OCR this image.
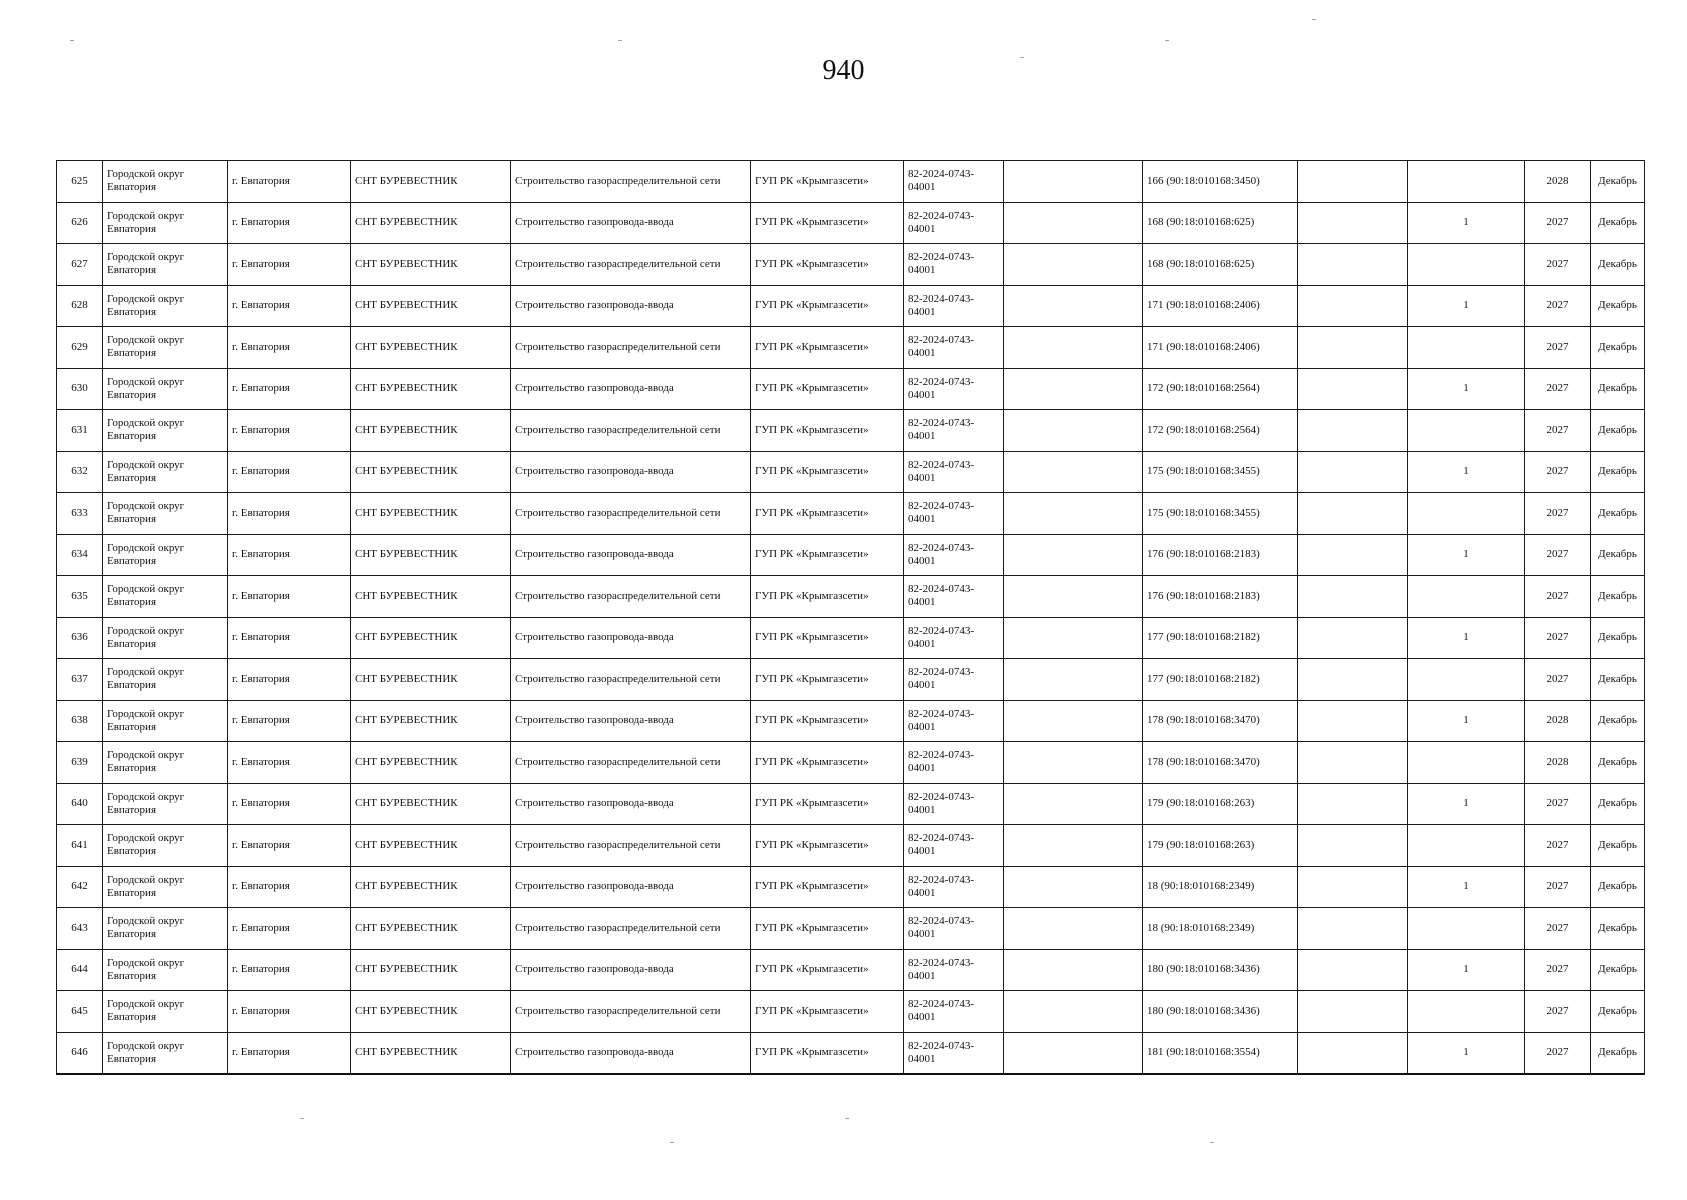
940
625	Городской округ Евпатория	г. Евпатория	СНТ БУРЕВЕСТНИК	Строительство газораспределительной сети	ГУП РК «Крымгазсети»	82-2024-0743-04001		166 (90:18:010168:3450)			2028	Декабрь
626	Городской округ Евпатория	г. Евпатория	СНТ БУРЕВЕСТНИК	Строительство газопровода-ввода	ГУП РК «Крымгазсети»	82-2024-0743-04001		168 (90:18:010168:625)		1	2027	Декабрь
627	Городской округ Евпатория	г. Евпатория	СНТ БУРЕВЕСТНИК	Строительство газораспределительной сети	ГУП РК «Крымгазсети»	82-2024-0743-04001		168 (90:18:010168:625)			2027	Декабрь
628	Городской округ Евпатория	г. Евпатория	СНТ БУРЕВЕСТНИК	Строительство газопровода-ввода	ГУП РК «Крымгазсети»	82-2024-0743-04001		171 (90:18:010168:2406)		1	2027	Декабрь
629	Городской округ Евпатория	г. Евпатория	СНТ БУРЕВЕСТНИК	Строительство газораспределительной сети	ГУП РК «Крымгазсети»	82-2024-0743-04001		171 (90:18:010168:2406)			2027	Декабрь
630	Городской округ Евпатория	г. Евпатория	СНТ БУРЕВЕСТНИК	Строительство газопровода-ввода	ГУП РК «Крымгазсети»	82-2024-0743-04001		172 (90:18:010168:2564)		1	2027	Декабрь
631	Городской округ Евпатория	г. Евпатория	СНТ БУРЕВЕСТНИК	Строительство газораспределительной сети	ГУП РК «Крымгазсети»	82-2024-0743-04001		172 (90:18:010168:2564)			2027	Декабрь
632	Городской округ Евпатория	г. Евпатория	СНТ БУРЕВЕСТНИК	Строительство газопровода-ввода	ГУП РК «Крымгазсети»	82-2024-0743-04001		175 (90:18:010168:3455)		1	2027	Декабрь
633	Городской округ Евпатория	г. Евпатория	СНТ БУРЕВЕСТНИК	Строительство газораспределительной сети	ГУП РК «Крымгазсети»	82-2024-0743-04001		175 (90:18:010168:3455)			2027	Декабрь
634	Городской округ Евпатория	г. Евпатория	СНТ БУРЕВЕСТНИК	Строительство газопровода-ввода	ГУП РК «Крымгазсети»	82-2024-0743-04001		176 (90:18:010168:2183)		1	2027	Декабрь
635	Городской округ Евпатория	г. Евпатория	СНТ БУРЕВЕСТНИК	Строительство газораспределительной сети	ГУП РК «Крымгазсети»	82-2024-0743-04001		176 (90:18:010168:2183)			2027	Декабрь
636	Городской округ Евпатория	г. Евпатория	СНТ БУРЕВЕСТНИК	Строительство газопровода-ввода	ГУП РК «Крымгазсети»	82-2024-0743-04001		177 (90:18:010168:2182)		1	2027	Декабрь
637	Городской округ Евпатория	г. Евпатория	СНТ БУРЕВЕСТНИК	Строительство газораспределительной сети	ГУП РК «Крымгазсети»	82-2024-0743-04001		177 (90:18:010168:2182)			2027	Декабрь
638	Городской округ Евпатория	г. Евпатория	СНТ БУРЕВЕСТНИК	Строительство газопровода-ввода	ГУП РК «Крымгазсети»	82-2024-0743-04001		178 (90:18:010168:3470)		1	2028	Декабрь
639	Городской округ Евпатория	г. Евпатория	СНТ БУРЕВЕСТНИК	Строительство газораспределительной сети	ГУП РК «Крымгазсети»	82-2024-0743-04001		178 (90:18:010168:3470)			2028	Декабрь
640	Городской округ Евпатория	г. Евпатория	СНТ БУРЕВЕСТНИК	Строительство газопровода-ввода	ГУП РК «Крымгазсети»	82-2024-0743-04001		179 (90:18:010168:263)		1	2027	Декабрь
641	Городской округ Евпатория	г. Евпатория	СНТ БУРЕВЕСТНИК	Строительство газораспределительной сети	ГУП РК «Крымгазсети»	82-2024-0743-04001		179 (90:18:010168:263)			2027	Декабрь
642	Городской округ Евпатория	г. Евпатория	СНТ БУРЕВЕСТНИК	Строительство газопровода-ввода	ГУП РК «Крымгазсети»	82-2024-0743-04001		18 (90:18:010168:2349)		1	2027	Декабрь
643	Городской округ Евпатория	г. Евпатория	СНТ БУРЕВЕСТНИК	Строительство газораспределительной сети	ГУП РК «Крымгазсети»	82-2024-0743-04001		18 (90:18:010168:2349)			2027	Декабрь
644	Городской округ Евпатория	г. Евпатория	СНТ БУРЕВЕСТНИК	Строительство газопровода-ввода	ГУП РК «Крымгазсети»	82-2024-0743-04001		180 (90:18:010168:3436)		1	2027	Декабрь
645	Городской округ Евпатория	г. Евпатория	СНТ БУРЕВЕСТНИК	Строительство газораспределительной сети	ГУП РК «Крымгазсети»	82-2024-0743-04001		180 (90:18:010168:3436)			2027	Декабрь
646	Городской округ Евпатория	г. Евпатория	СНТ БУРЕВЕСТНИК	Строительство газопровода-ввода	ГУП РК «Крымгазсети»	82-2024-0743-04001		181 (90:18:010168:3554)		1	2027	Декабрь
